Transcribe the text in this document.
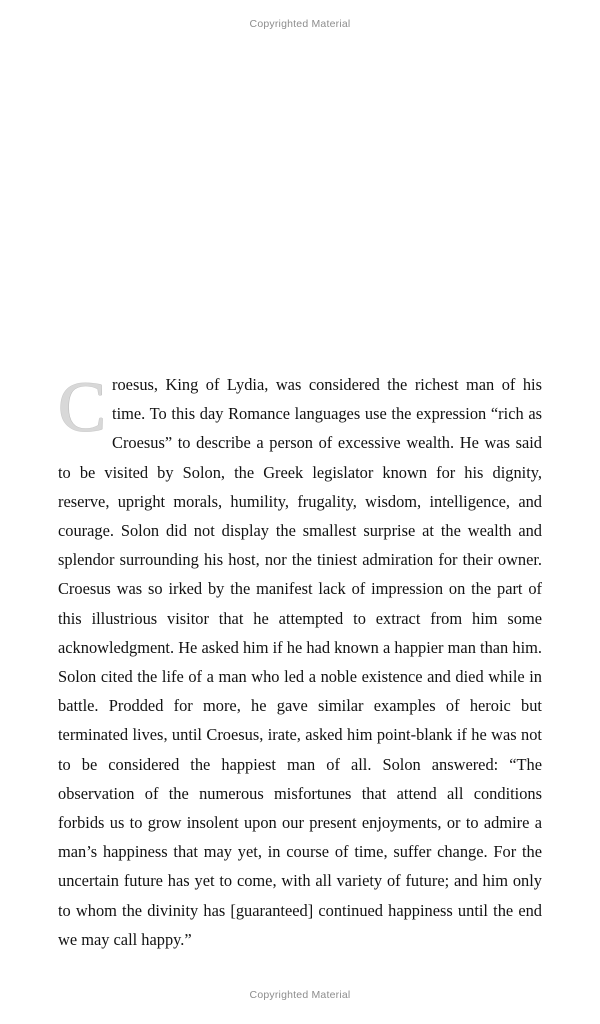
Copyrighted Material
Croesus, King of Lydia, was considered the richest man of his time. To this day Romance languages use the expression “rich as Croesus” to describe a person of excessive wealth. He was said to be visited by Solon, the Greek legislator known for his dignity, reserve, upright morals, humility, frugality, wisdom, intelligence, and courage. Solon did not display the smallest surprise at the wealth and splendor surrounding his host, nor the tiniest admiration for their owner. Croesus was so irked by the manifest lack of impression on the part of this illustrious visitor that he attempted to extract from him some acknowledgment. He asked him if he had known a happier man than him. Solon cited the life of a man who led a noble existence and died while in battle. Prodded for more, he gave similar examples of heroic but terminated lives, until Croesus, irate, asked him point-blank if he was not to be considered the happiest man of all. Solon answered: “The observation of the numerous misfortunes that attend all conditions forbids us to grow insolent upon our present enjoyments, or to admire a man’s happiness that may yet, in course of time, suffer change. For the uncertain future has yet to come, with all variety of future; and him only to whom the divinity has [guaranteed] continued happiness until the end we may call happy.”
Copyrighted Material
